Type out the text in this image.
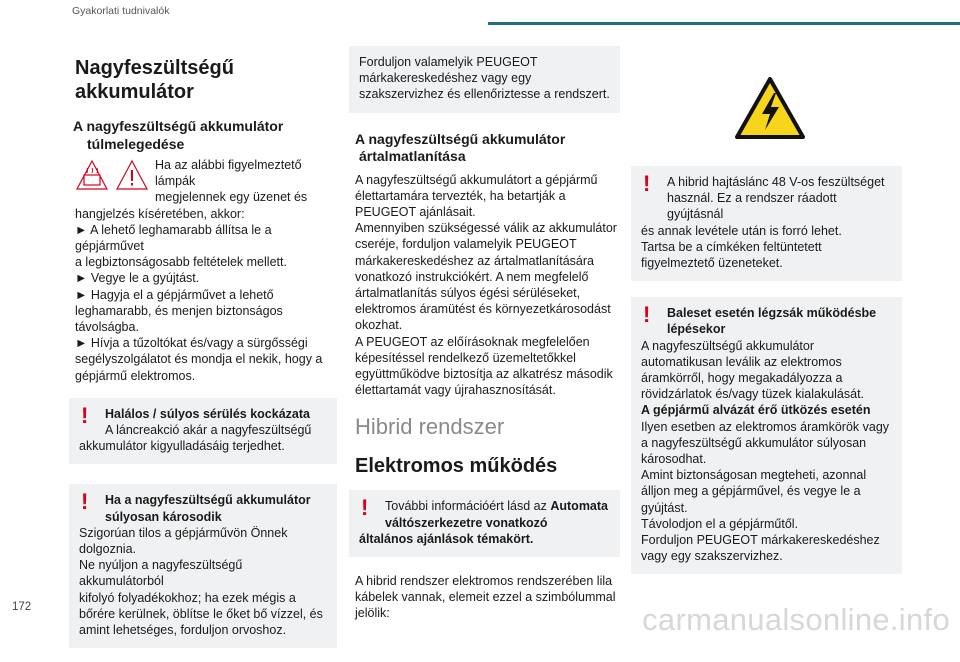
Gyakorlati tudnivalók
Nagyfeszültségű
akkumulátor
A nagyfeszültségű akkumulátor
túlmelegedése
Ha az alábbi figyelmeztető lámpák
megjelennek egy üzenet és
hangjelzés kíséretében, akkor:
► A lehető leghamarabb állítsa le a gépjárművet
a legbiztonságosabb feltételek mellett.
► Vegye le a gyújtást.
► Hagyja el a gépjárművet a lehető
leghamarabb, és menjen biztonságos
távolságba.
► Hívja a tűzoltókat és/vagy a sürgősségi
segélyszolgálatot és mondja el nekik, hogy a
gépjármű elektromos.
!	Halálos / súlyos sérülés kockázata
A láncreakció akár a nagyfeszültségű
akkumulátor kigyulladásáig terjedhet.
!	Ha a nagyfeszültségű akkumulátor
súlyosan károsodik
Szigorúan tilos a gépjárművön Önnek
dolgoznia.
Ne nyúljon a nagyfeszültségű akkumulátorból
kifolyó folyadékokhoz; ha ezek mégis a
bőrére kerülnek, öblítse le őket bő vízzel, és
amint lehetséges, forduljon orvoshoz.
Forduljon valamelyik PEUGEOT
márkakereskedéshez vagy egy
szakszervizhez és ellenőriztesse a rendszert.
A nagyfeszültségű akkumulátor
ártalmatlanítása
A nagyfeszültségű akkumulátort a gépjármű
élettartamára tervezték, ha betartják a
PEUGEOT ajánlásait.
Amennyiben szükségessé válik az akkumulátor
cseréje, forduljon valamelyik PEUGEOT
márkakereskedéshez az ártalmatlanítására
vonatkozó instrukciókért. A nem megfelelő
ártalmatlanítás súlyos égési sérüléseket,
elektromos áramütést és környezetkárosodást
okozhat.
A PEUGEOT az előírásoknak megfelelően
képesítéssel rendelkező üzemeltetőkkel
együttműködve biztosítja az alkatrész második
élettartamát vagy újrahasznosítását.
Hibrid rendszer
Elektromos működés
!	További információért lásd az Automata
váltószerkezetre vonatkozó
általános ajánlások témakört.
A hibrid rendszer elektromos rendszerében lila
kábelek vannak, elemeit ezzel a szimbólummal
jelölik:
!	A hibrid hajtáslánc 48 V-os feszültséget
használ. Ez a rendszer ráadott gyújtásnál
és annak levétele után is forró lehet.
Tartsa be a címkéken feltüntetett
figyelmeztető üzeneteket.
!	Baleset esetén légzsák működésbe
lépésekor
A nagyfeszültségű akkumulátor
automatikusan leválik az elektromos
áramkörről, hogy megakadályozza a
rövidzárlatok és/vagy tüzek kialakulását.
A gépjármű alvázát érő ütközés esetén
Ilyen esetben az elektromos áramkörök vagy
a nagyfeszültségű akkumulátor súlyosan
károsodhat.
Amint biztonságosan megteheti, azonnal
álljon meg a gépjárművel, és vegye le a
gyújtást.
Távolodjon el a gépjárműtől.
Forduljon PEUGEOT márkakereskedéshez
vagy egy szakszervizhez.
172	carmanualsonline.info
